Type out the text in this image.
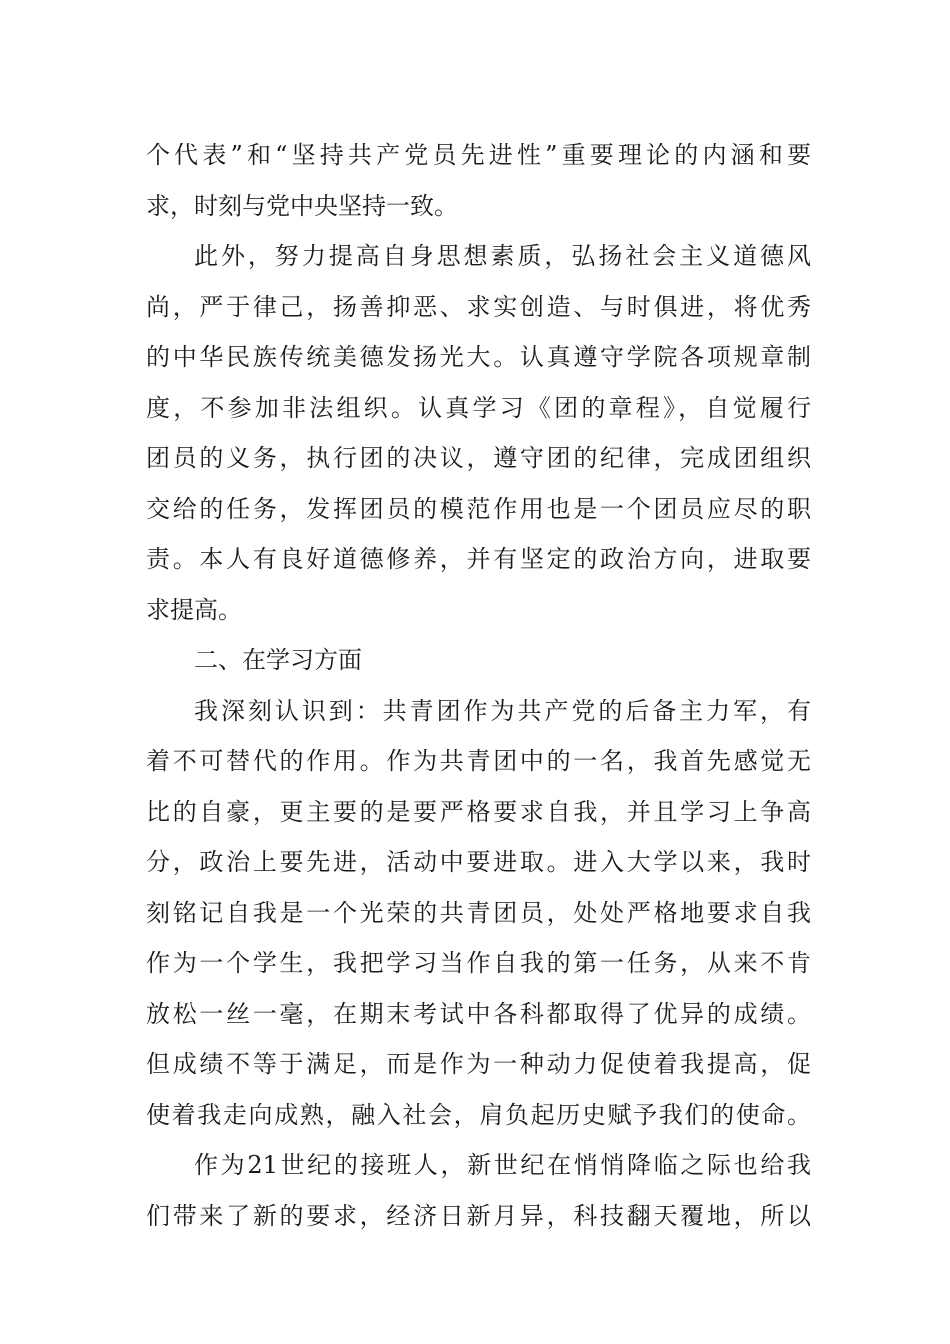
个代表”和“坚持共产党员先进性”重要理论的内涵和要
求，时刻与党中央坚持一致。
此外，努力提高自身思想素质，弘扬社会主义道德风
尚，严于律己，扬善抑恶、求实创造、与时俱进，将优秀
的中华民族传统美德发扬光大。认真遵守学院各项规章制
度，不参加非法组织。认真学习《团的章程》，自觉履行
团员的义务，执行团的决议，遵守团的纪律，完成团组织
交给的任务，发挥团员的模范作用也是一个团员应尽的职
责。本人有良好道德修养，并有坚定的政治方向，进取要
求提高。
二、在学习方面
我深刻认识到：共青团作为共产党的后备主力军，有
着不可替代的作用。作为共青团中的一名，我首先感觉无
比的自豪，更主要的是要严格要求自我，并且学习上争高
分，政治上要先进，活动中要进取。进入大学以来，我时
刻铭记自我是一个光荣的共青团员，处处严格地要求自我
作为一个学生，我把学习当作自我的第一任务，从来不肯
放松一丝一毫，在期末考试中各科都取得了优异的成绩。
但成绩不等于满足，而是作为一种动力促使着我提高，促
使着我走向成熟，融入社会，肩负起历史赋予我们的使命。
作为21世纪的接班人，新世纪在悄悄降临之际也给我
们带来了新的要求，经济日新月异，科技翻天覆地，所以
